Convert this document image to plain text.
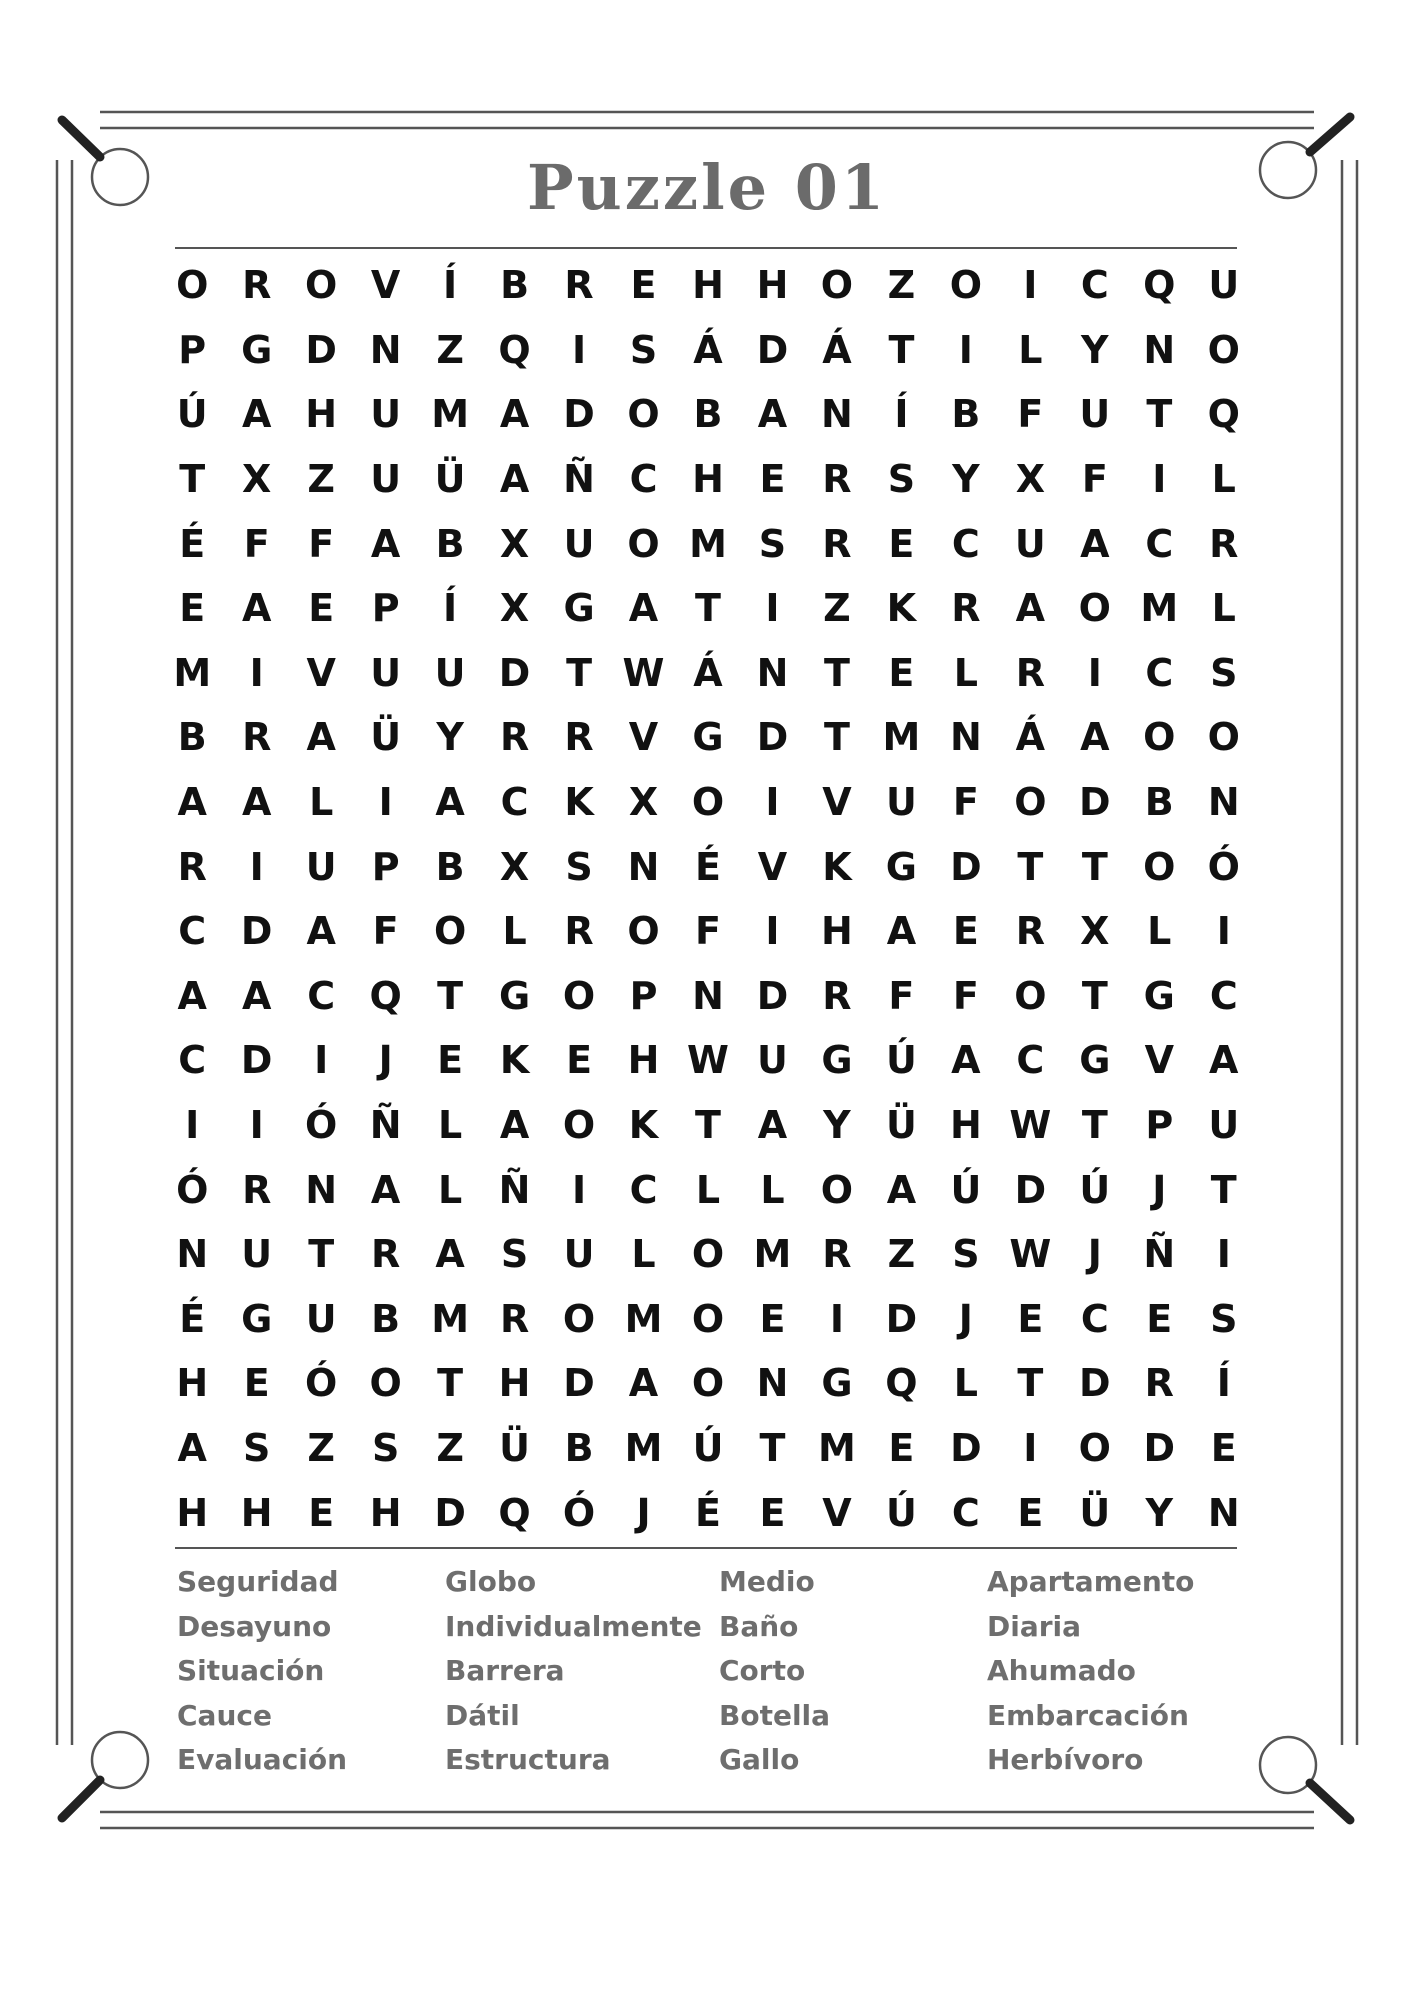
Puzzle 01
O R O V	Í	B R E H H O Z O	I	C Q U
P G D N Z Q	I	S Á D Á T	I	L	Y N O
Ú A H U M A D O B A N	Í	B F U T Q
T X Z U Ü A Ñ C H E R S Y X F	I	L
É	F	F A B X U O M S R E C U A C R
E A E P	Í	X G A T	I	Z K R A O M L
M	I	V U U D T W Á N T	E	L R	I	C S
B R A Ü Y R R V G D T M N Á A O O
A A L	I	A C K X O	I	V U F O D B N
R	I	U P B X S N É V K G D T	T O Ó
C D A F O L R O F	I	H A E R X L	I
A A C Q T G O P N D R F	F O T G C
C D	I	J	E K E H W U G Ú A C G V A
I	I	Ó Ñ L A O K T A Y Ü H W T P U
Ó R N A L Ñ	I	C	L	L O A Ú D Ú	J	T
N U T R A S U L O M R Z S W J	Ñ	I
É G U B M R O M O E	I	D	J	E C E S
H E Ó O T H D A O N G Q L	T D R	Í
A S Z S Z Ü B M Ú T M E D	I	O D E
H H E H D Q Ó	J	É	E V Ú C E Ü Y N
Seguridad	Globo	Medio	Apartamento
Desayuno	Individualmente Baño	Diaria
Situación	Barrera	Corto	Ahumado
Cauce	Dátil	Botella	Embarcación
Evaluación	Estructura	Gallo	Herbívoro
